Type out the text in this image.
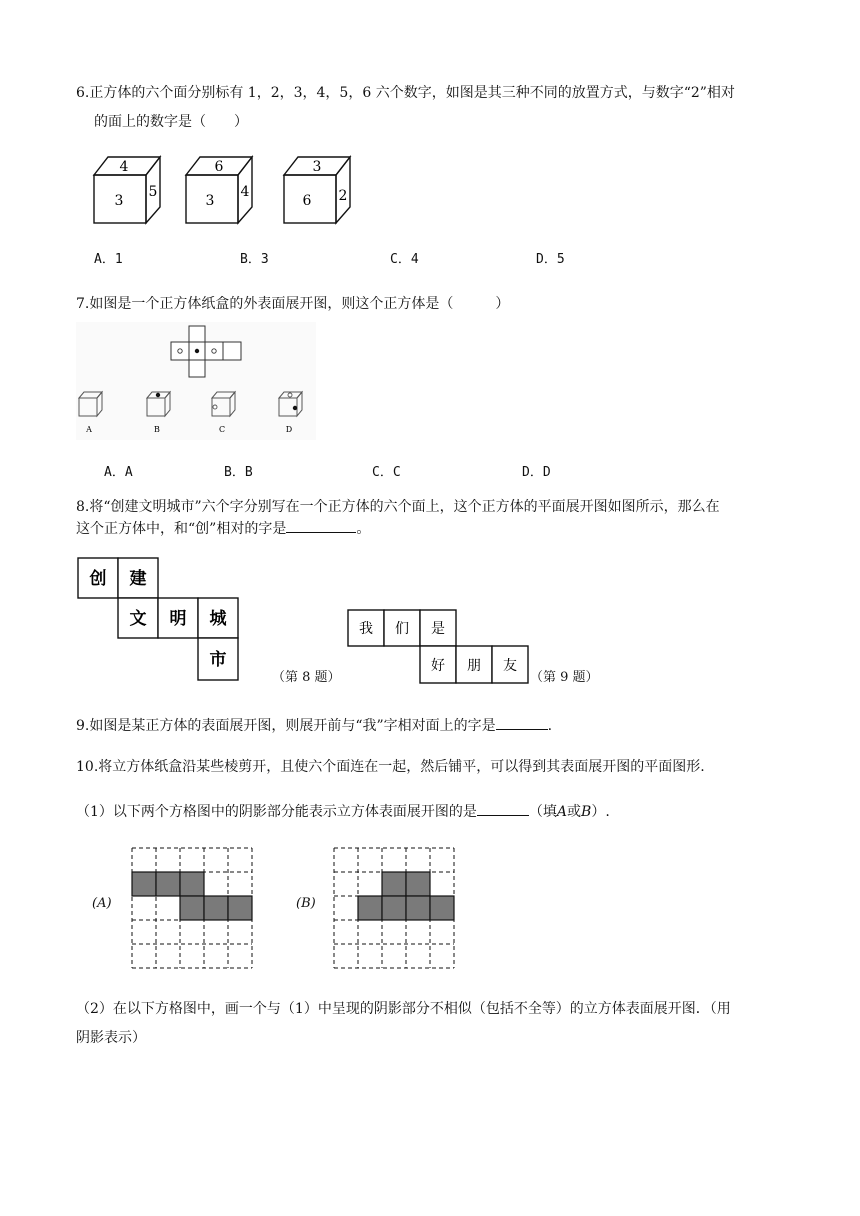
6.正方体的六个面分别标有 1，2，3，4，5，6 六个数字，如图是其三种不同的放置方式，与数字“2”相对
的面上的数字是（　　）
4
3
5
6
3
4
3
6 2
A．1	B．3	C．4	D．5
7.如图是一个正方体纸盒的外表面展开图，则这个正方体是（　　　）
A	B	C	D
A．A	B．B	C．C	D．D
8.将“创建文明城市”六个字分别写在一个正方体的六个面上，这个正方体的平面展开图如图所示，那么在
这个正方体中，和“创”相对的字是	。
创 建
文 明 城
市
（第 8 题）
我 们 是
好 朋 友
（第 9 题）
9.如图是某正方体的表面展开图，则展开前与“我”字相对面上的字是	.
10.将立方体纸盒沿某些棱剪开，且使六个面连在一起，然后铺平，可以得到其表面展开图的平面图形.
（1）以下两个方格图中的阴影部分能表示立方体表面展开图的是	（填A或B）.
(A)	(B)
（2）在以下方格图中，画一个与（1）中呈现的阴影部分不相似（包括不全等）的立方体表面展开图．（用
阴影表示）
